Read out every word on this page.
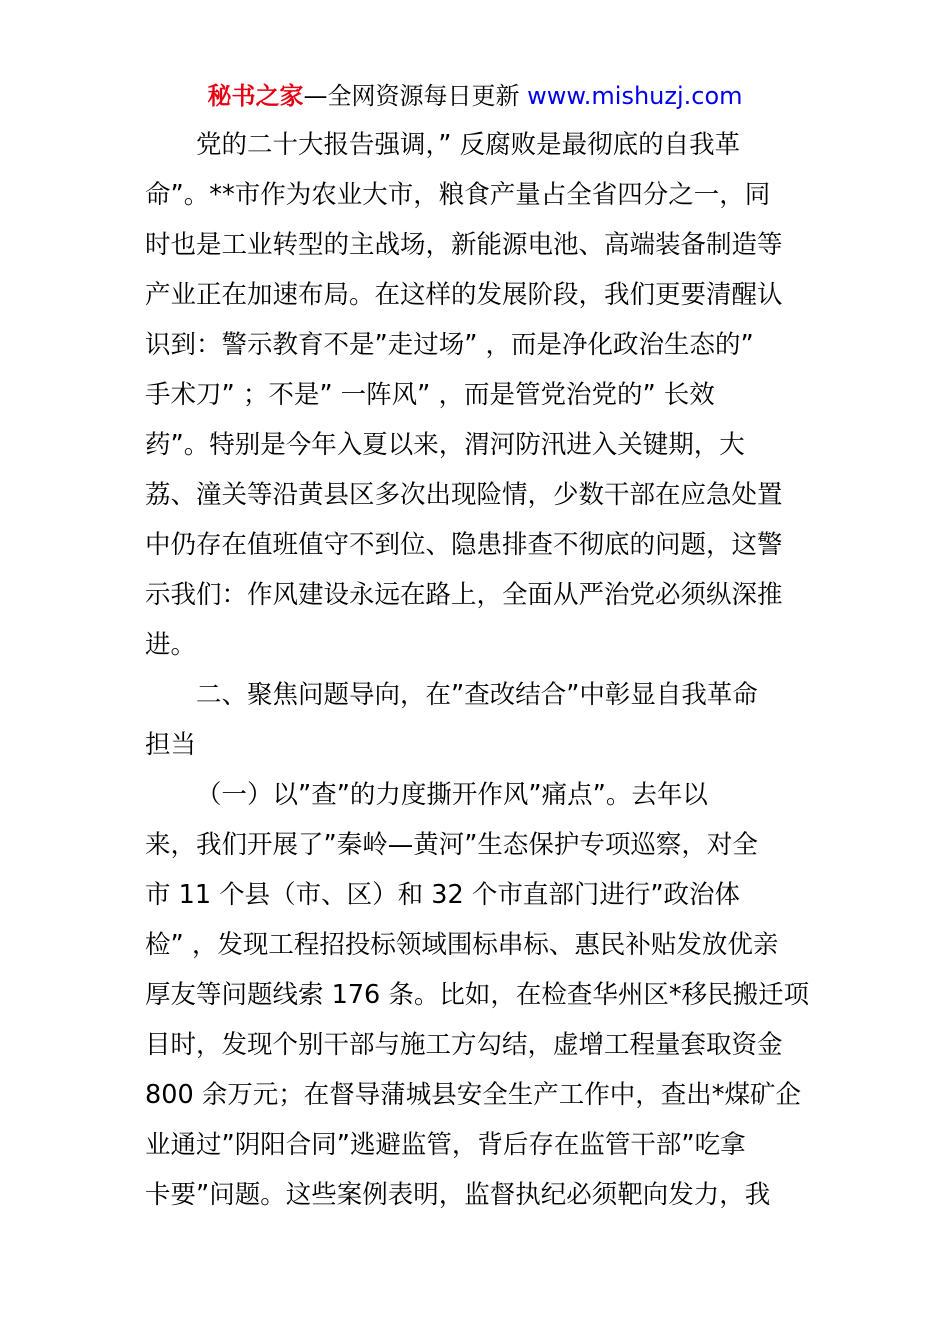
秘书之家—全网资源每日更新 www.mishuzj.com
党的二十大报告强调，” 反腐败是最彻底的自我革
命”。**市作为农业大市，粮食产量占全省四分之一，同
时也是工业转型的主战场，新能源电池、高端装备制造等
产业正在加速布局。在这样的发展阶段，我们更要清醒认
识到：警示教育不是”走过场” ，而是净化政治生态的”
手术刀” ；不是” 一阵风” ，而是管党治党的” 长效
药”。特别是今年入夏以来，渭河防汛进入关键期，大
荔、潼关等沿黄县区多次出现险情，少数干部在应急处置
中仍存在值班值守不到位、隐患排查不彻底的问题，这警
示我们：作风建设永远在路上，全面从严治党必须纵深推
进。
二、聚焦问题导向，在”查改结合”中彰显自我革命
担当
（一）以”查”的力度撕开作风”痛点”。去年以
来，我们开展了”秦岭—黄河”生态保护专项巡察，对全
市 11 个县（市、区）和 32 个市直部门进行”政治体
检” ，发现工程招投标领域围标串标、惠民补贴发放优亲
厚友等问题线索 176 条。比如，在检查华州区*移民搬迁项
目时，发现个别干部与施工方勾结，虚增工程量套取资金
800 余万元；在督导蒲城县安全生产工作中，查出*煤矿企
业通过”阴阳合同”逃避监管，背后存在监管干部”吃拿
卡要”问题。这些案例表明，监督执纪必须靶向发力，我
